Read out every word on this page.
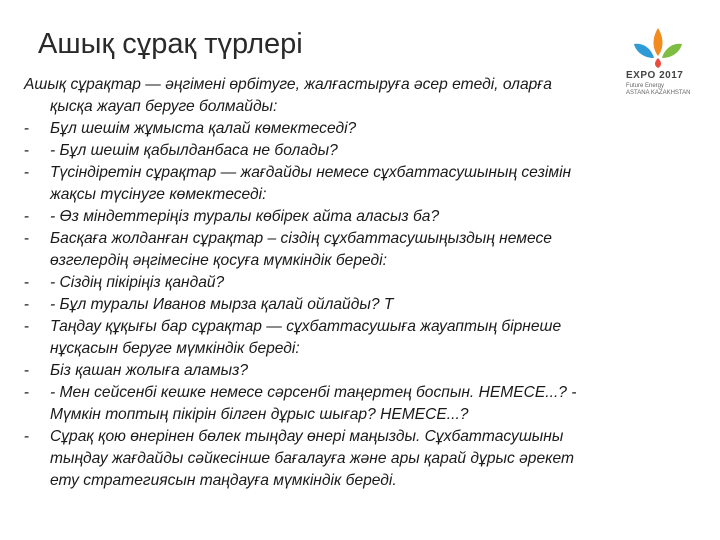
Ашық сұрақ түрлері
EXPO 2017
Future Energy
ASTANA KAZAKHSTAN
Ашық сұрақтар — әңгімені өрбітуге, жалғастыруға әсер етеді, оларға
қысқа жауап беруге болмайды:
- Бұл шешім жұмыста қалай көмектеседі?
- - Бұл шешім қабылданбаса не болады?
- Түсіндіретін сұрақтар — жағдайды немесе сұхбаттасушының сезімін
жақсы түсінуге көмектеседі:
- - Өз міндеттеріңіз туралы көбірек айта аласыз ба?
- Басқаға жолданған сұрақтар – сіздің сұхбаттасушыңыздың немесе
өзгелердің әңгімесіне қосуға мүмкіндік береді:
- - Сіздің пікіріңіз қандай?
- - Бұл туралы Иванов мырза қалай ойлайды? Т
- Таңдау құқығы бар сұрақтар — сұхбаттасушыға жауаптың бірнеше
нұсқасын беруге мүмкіндік береді:
- Біз қашан жолыға аламыз?
- - Мен сейсенбі кешке немесе сәрсенбі таңертең боспын. НЕМЕСЕ...? -
Мүмкін топтың пікірін білген дұрыс шығар? НЕМЕСЕ...?
- Сұрақ қою өнерінен бөлек тыңдау өнері маңызды. Сұхбаттасушыны
тыңдау жағдайды сәйкесінше бағалауға және ары қарай дұрыс әрекет
ету стратегиясын таңдауға мүмкіндік береді.
